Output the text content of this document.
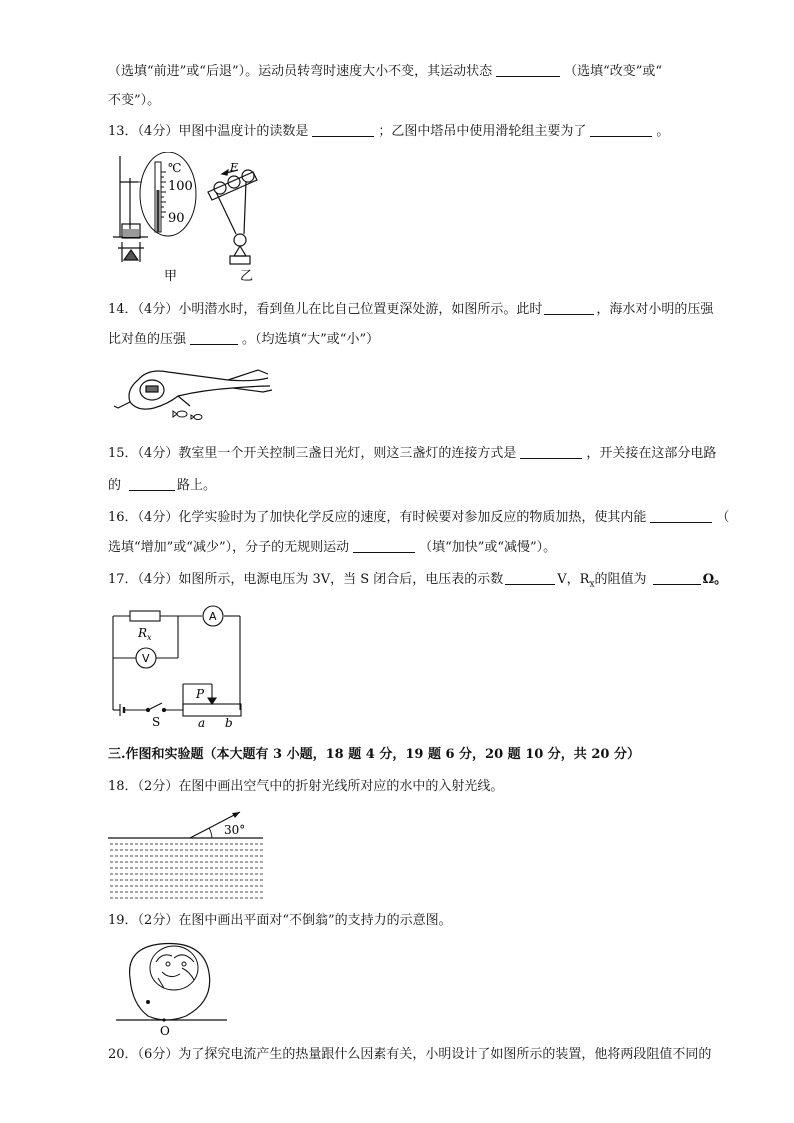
（选填“前进”或“后退”）。运动员转弯时速度大小不变，其运动状态	（选填“改变”或“
不变”）。
13．（4分）甲图中温度计的读数是	；乙图中塔吊中使用滑轮组主要为了	。
℃
100
90
甲
F
乙
14．（4分）小明潜水时，看到鱼儿在比自己位置更深处游，如图所示。此时	，海水对小明的压强
比对鱼的压强	。（均选填“大”或“小”）
15．（4分）教室里一个开关控制三盏日光灯，则这三盏灯的连接方式是	，开关接在这部分电路
的	路上。
16．（4分）化学实验时为了加快化学反应的速度，有时候要对参加反应的物质加热，使其内能	（
选填“增加”或“减少”），分子的无规则运动	（填“加快”或“减慢”）。
17．（4分）如图所示，电源电压为 3V，当 S 闭合后，电压表的示数	V，$R_x$的阻值为	Ω。
A
V
$R_x$
S
P
a b
三.作图和实验题（本大题有 3 小题，18 题 4 分，19 题 6 分，20 题 10 分，共 20 分）
18．（2分）在图中画出空气中的折射光线所对应的水中的入射光线。
30°
19．（2分）在图中画出平面对“不倒翁”的支持力的示意图。
O
20．（6分）为了探究电流产生的热量跟什么因素有关，小明设计了如图所示的装置，他将两段阻值不同的
